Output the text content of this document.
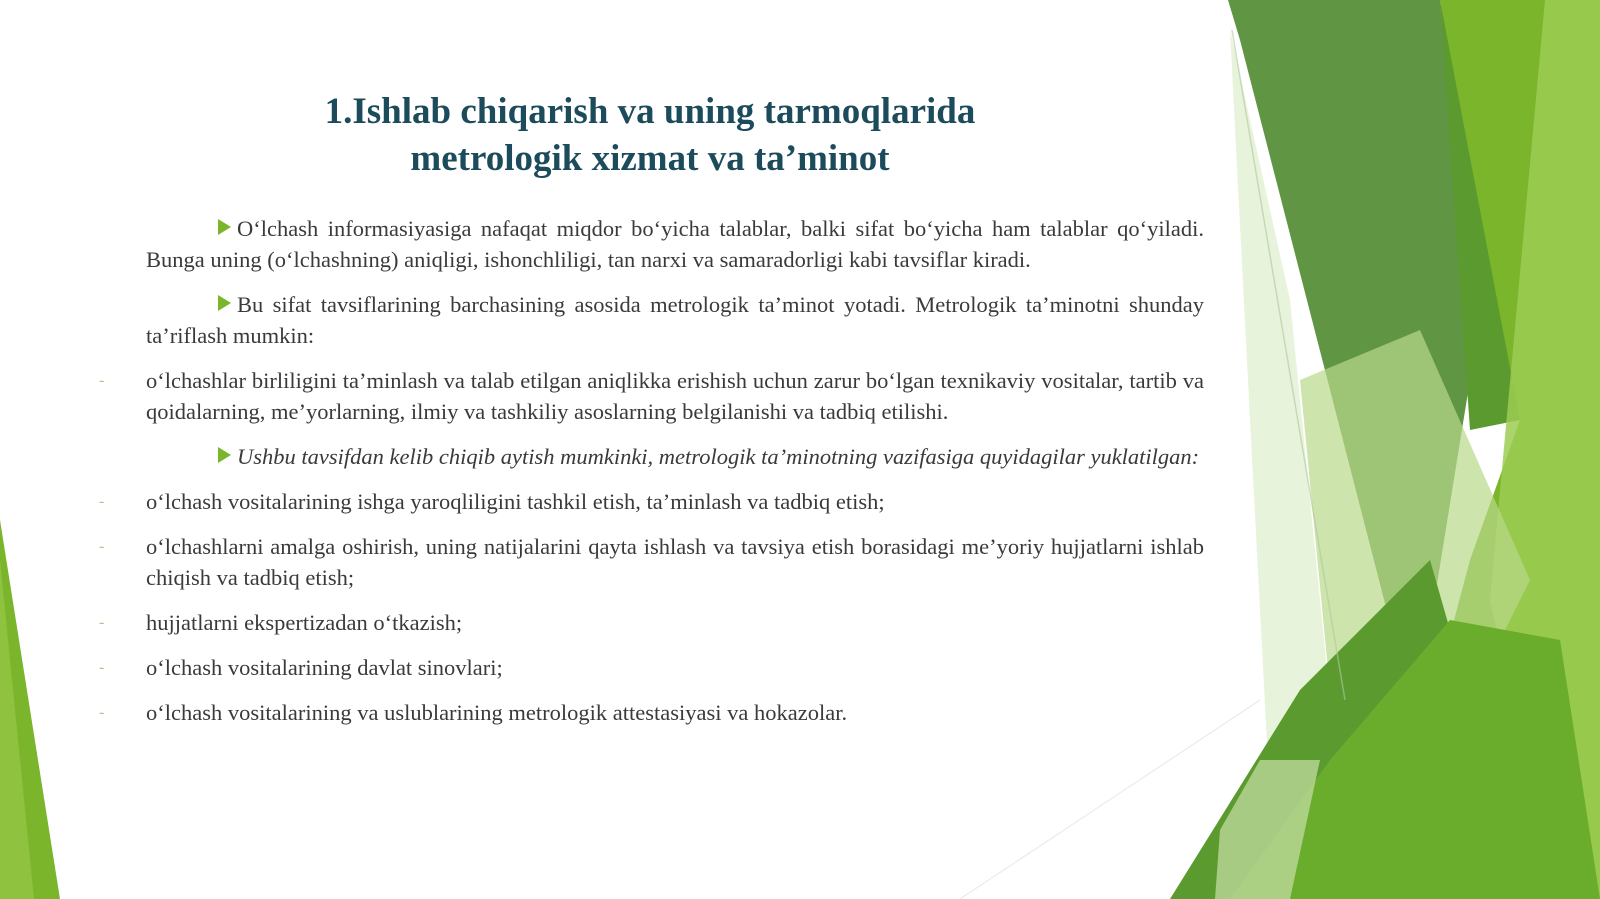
1.Ishlab chiqarish va uning tarmoqlarida
metrologik xizmat va ta’minot

O‘lchash informasiyasiga nafaqat miqdor bo‘yicha talablar, balki sifat bo‘yicha ham talablar qo‘yiladi. Bunga uning (o‘lchashning) aniqligi, ishonchliligi, tan narxi va samaradorligi kabi tavsiflar kiradi.

Bu sifat tavsiflarining barchasining asosida metrologik ta’minot yotadi. Metrologik ta’minotni shunday ta’riflash mumkin:

- o‘lchashlar birliligini ta’minlash va talab etilgan aniqlikka erishish uchun zarur bo‘lgan texnikaviy vositalar, tartib va qoidalarning, me’yorlarning, ilmiy va tashkiliy asoslarning belgilanishi va tadbiq etilishi.

Ushbu tavsifdan kelib chiqib aytish mumkinki, metrologik ta’minotning vazifasiga quyidagilar yuklatilgan:

- o‘lchash vositalarining ishga yaroqliligini tashkil etish, ta’minlash va tadbiq etish;
- o‘lchashlarni amalga oshirish, uning natijalarini qayta ishlash va tavsiya etish borasidagi me’yoriy hujjatlarni ishlab chiqish va tadbiq etish;
- hujjatlarni ekspertizadan o‘tkazish;
- o‘lchash vositalarining davlat sinovlari;
- o‘lchash vositalarining va uslublarining metrologik attestasiyasi va hokazolar.
